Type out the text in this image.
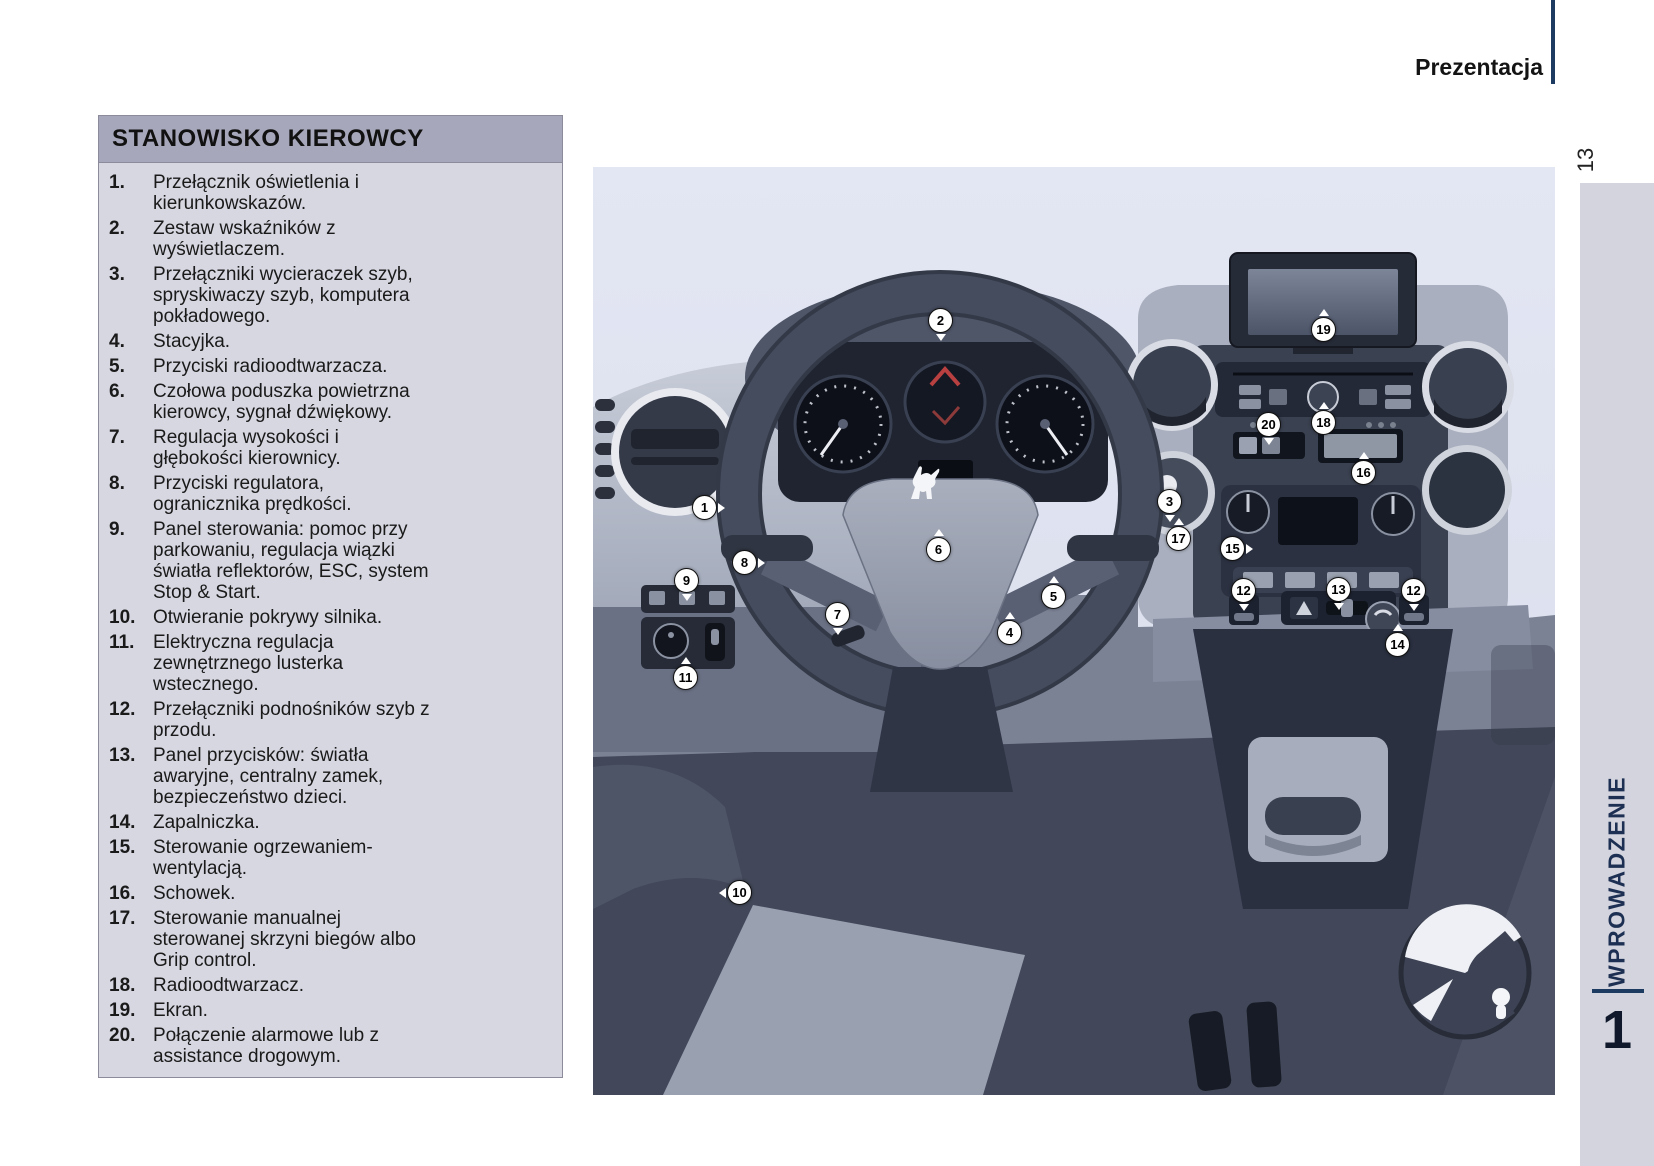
Prezentacja
13
WPROWADZENIE
1
STANOWISKO KIEROWCY
1.	Przełącznik oświetlenia i
kierunkowskazów.
2.	Zestaw wskaźników z
wyświetlaczem.
3.	Przełączniki wycieraczek szyb,
spryskiwaczy szyb, komputera
pokładowego.
4.	Stacyjka.
5.	Przyciski radioodtwarzacza.
6.	Czołowa poduszka powietrzna
kierowcy, sygnał dźwiękowy.
7.	Regulacja wysokości i
głębokości kierownicy.
8.	Przyciski regulatora,
ogranicznika prędkości.
9.	Panel sterowania: pomoc przy
parkowaniu, regulacja wiązki
światła reflektorów, ESC, system
Stop & Start.
10. Otwieranie pokrywy silnika.
11. Elektryczna regulacja
zewnętrznego lusterka
wstecznego.
12. Przełączniki podnośników szyb z
przodu.
13. Panel przycisków: światła
awaryjne, centralny zamek,
bezpieczeństwo dzieci.
14. Zapalniczka.
15. Sterowanie ogrzewaniem-
wentylacją.
16. Schowek.
17. Sterowanie manualnej
sterowanej skrzyni biegów albo
Grip control.
18. Radioodtwarzacz.
19. Ekran.
20. Połączenie alarmowe lub z
assistance drogowym.
1
2
3
4
5
6
7
8
9
10
11
12	13	12
14
15
16
17
18
19
20
